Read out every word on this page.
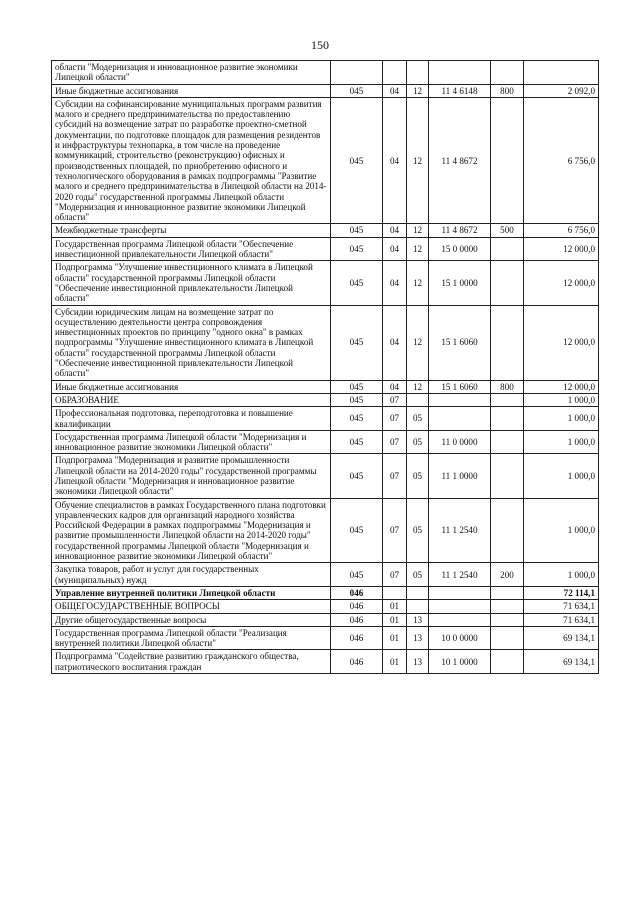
150
области "Модернизация и инновационное развитие экономики Липецкой области"						
Иные бюджетные ассигнования	045	04	12	11 4 6148	800	2 092,0
Субсидии на софинансирование муниципальных программ развития малого и среднего предпринимательства по предоставлению субсидий на возмещение затрат по разработке проектно-сметной документации, по подготовке площадок для размещения резидентов и инфраструктуры технопарка, в том числе на проведение коммуникаций, строительство (реконструкцию) офисных и производственных площадей, по приобретению офисного и технологического оборудования в рамках подпрограммы "Развитие малого и среднего предпринимательства в Липецкой области на 2014-2020 годы" государственной программы Липецкой области "Модернизация и инновационное развитие экономики Липецкой области"	045	04	12	11 4 8672		6 756,0
Межбюджетные трансферты	045	04	12	11 4 8672	500	6 756,0
Государственная программа Липецкой области "Обеспечение инвестиционной привлекательности Липецкой области"	045	04	12	15 0 0000		12 000,0
Подпрограмма "Улучшение инвестиционного климата в Липецкой области" государственной программы Липецкой области "Обеспечение инвестиционной привлекательности Липецкой области"	045	04	12	15 1 0000		12 000,0
Субсидии юридическим лицам на возмещение затрат по осуществлению деятельности центра сопровождения инвестиционных проектов по принципу "одного окна" в рамках подпрограммы "Улучшение инвестиционного климата в Липецкой области" государственной программы Липецкой области "Обеспечение инвестиционной привлекательности Липецкой области"	045	04	12	15 1 6060		12 000,0
Иные бюджетные ассигнования	045	04	12	15 1 6060	800	12 000,0
ОБРАЗОВАНИЕ	045	07				1 000,0
Профессиональная подготовка, переподготовка и повышение квалификации	045	07	05			1 000,0
Государственная программа Липецкой области "Модернизация и инновационное развитие экономики Липецкой области"	045	07	05	11 0 0000		1 000,0
Подпрограмма "Модернизация и развитие промышленности Липецкой области на 2014-2020 годы" государственной программы Липецкой области "Модернизация и инновационное развитие экономики Липецкой области"	045	07	05	11 1 0000		1 000,0
Обучение специалистов в рамках Государственного плана подготовки управленческих кадров для организаций народного хозяйства Российской Федерации в рамках подпрограммы "Модернизация и развитие промышленности Липецкой области на 2014-2020 годы" государственной программы Липецкой области "Модернизация и инновационное развитие экономики Липецкой области"	045	07	05	11 1 2540		1 000,0
Закупка товаров, работ и услуг для государственных (муниципальных) нужд	045	07	05	11 1 2540	200	1 000,0
Управление внутренней политики Липецкой области	046					72 114,1
ОБЩЕГОСУДАРСТВЕННЫЕ ВОПРОСЫ	046	01				71 634,1
Другие общегосударственные вопросы	046	01	13			71 634,1
Государственная программа Липецкой области "Реализация внутренней политики Липецкой области"	046	01	13	10 0 0000		69 134,1
Подпрограмма "Содействие развитию гражданского общества, патриотического воспитания граждан	046	01	13	10 1 0000		69 134,1
